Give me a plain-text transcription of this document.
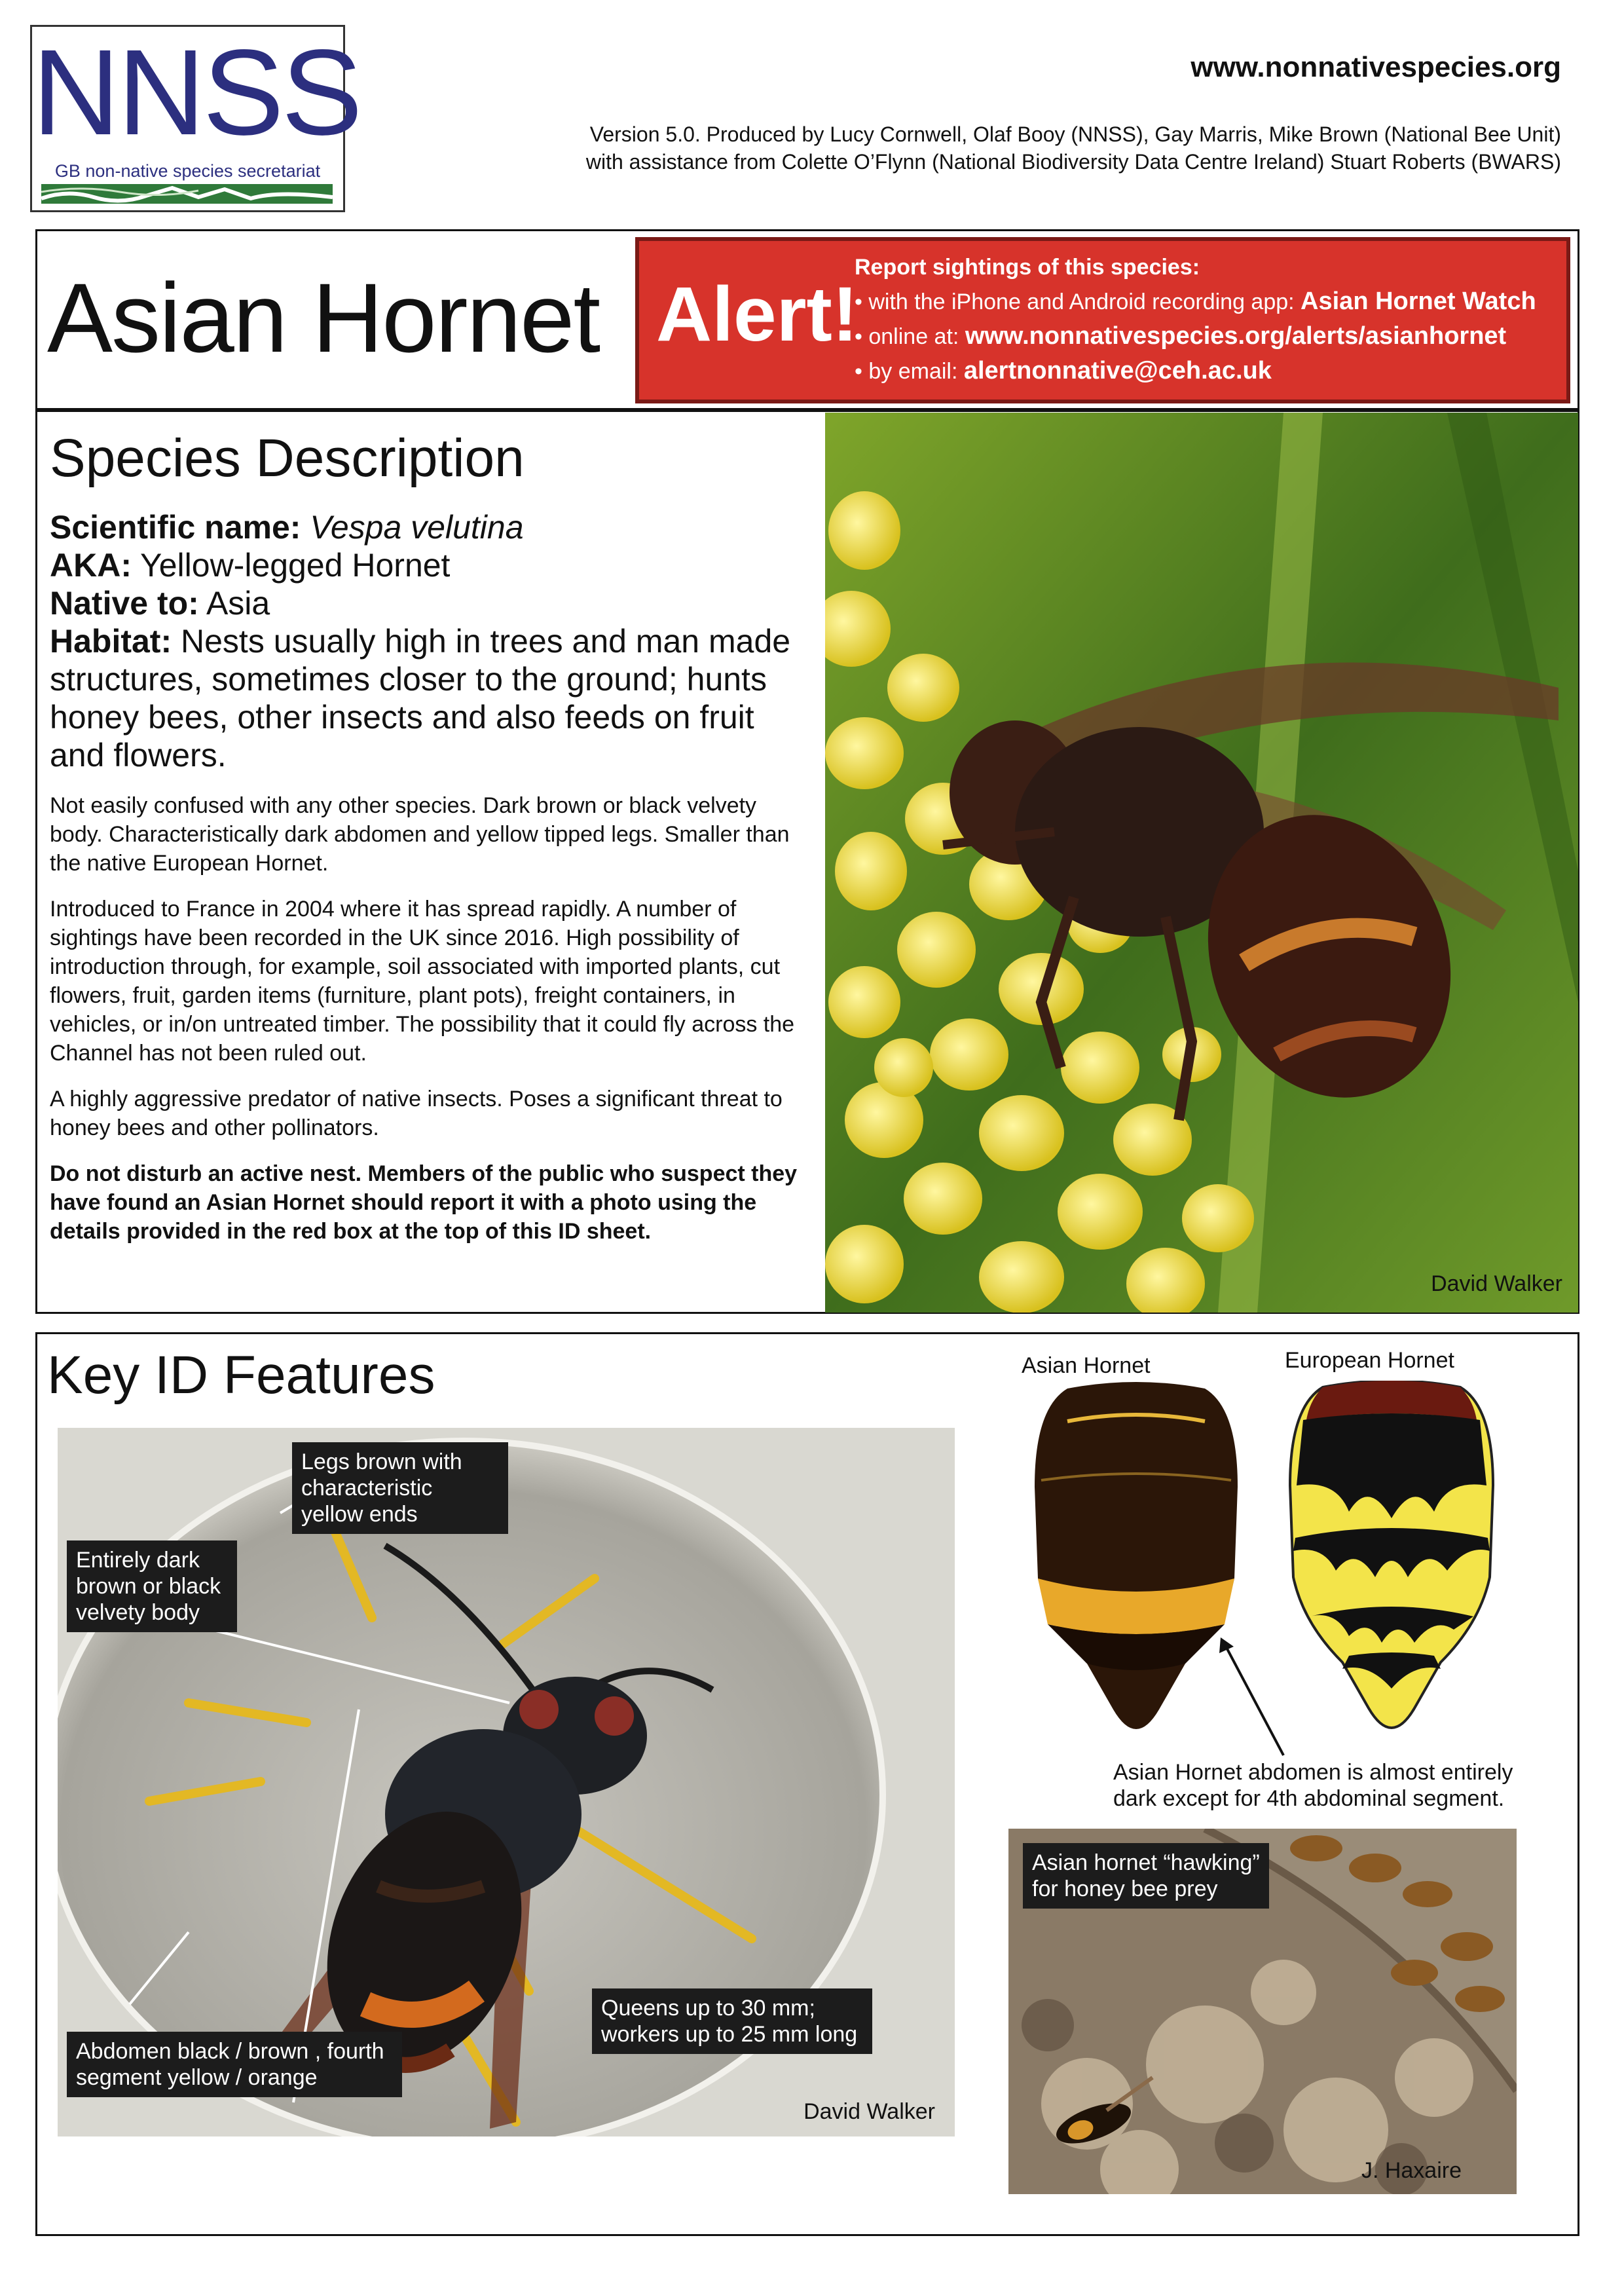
NNSS
GB non-native species secretariat
www.nonnativespecies.org
Version 5.0. Produced by Lucy Cornwell, Olaf Booy (NNSS), Gay Marris, Mike Brown (National Bee Unit)
with assistance from Colette O’Flynn (National Biodiversity Data Centre Ireland) Stuart Roberts (BWARS)
Asian Hornet Alert!
Report sightings of this species:
• with the iPhone and Android recording app: Asian Hornet Watch
• online at: www.nonnativespecies.org/alerts/asianhornet
• by email: alertnonnative@ceh.ac.uk
Species Description

Scientific name: Vespa velutina

AKA: Yellow-legged Hornet

Native to: Asia

Habitat: Nests usually high in trees and man made structures, sometimes closer to the ground; hunts honey bees, other insects and also feeds on fruit and flowers.

Not easily confused with any other species. Dark brown or black velvety body. Characteristically dark abdomen and yellow tipped legs. Smaller than the native European Hornet.

Introduced to France in 2004 where it has spread rapidly. A number of sightings have been recorded in the UK since 2016. High possibility of introduction through, for example, soil associated with imported plants, cut flowers, fruit, garden items (furniture, plant pots), freight containers, in vehicles, or in/on untreated timber. The possibility that it could fly across the Channel has not been ruled out.

A highly aggressive predator of native insects. Poses a significant threat to honey bees and other pollinators.

Do not disturb an active nest. Members of the public who suspect they have found an Asian Hornet should report it with a photo using the details provided in the red box at the top of this ID sheet.

David Walker
Key ID Features
Legs brown with characteristic yellow ends
Entirely dark brown or black velvety body
Abdomen black / brown , fourth segment yellow / orange
Queens up to 30 mm; workers up to 25 mm long
David Walker
Asian Hornet	European Hornet
Asian Hornet abdomen is almost entirely
dark except for 4th abdominal segment.
Asian hornet “hawking” for honey bee prey
J. Haxaire
